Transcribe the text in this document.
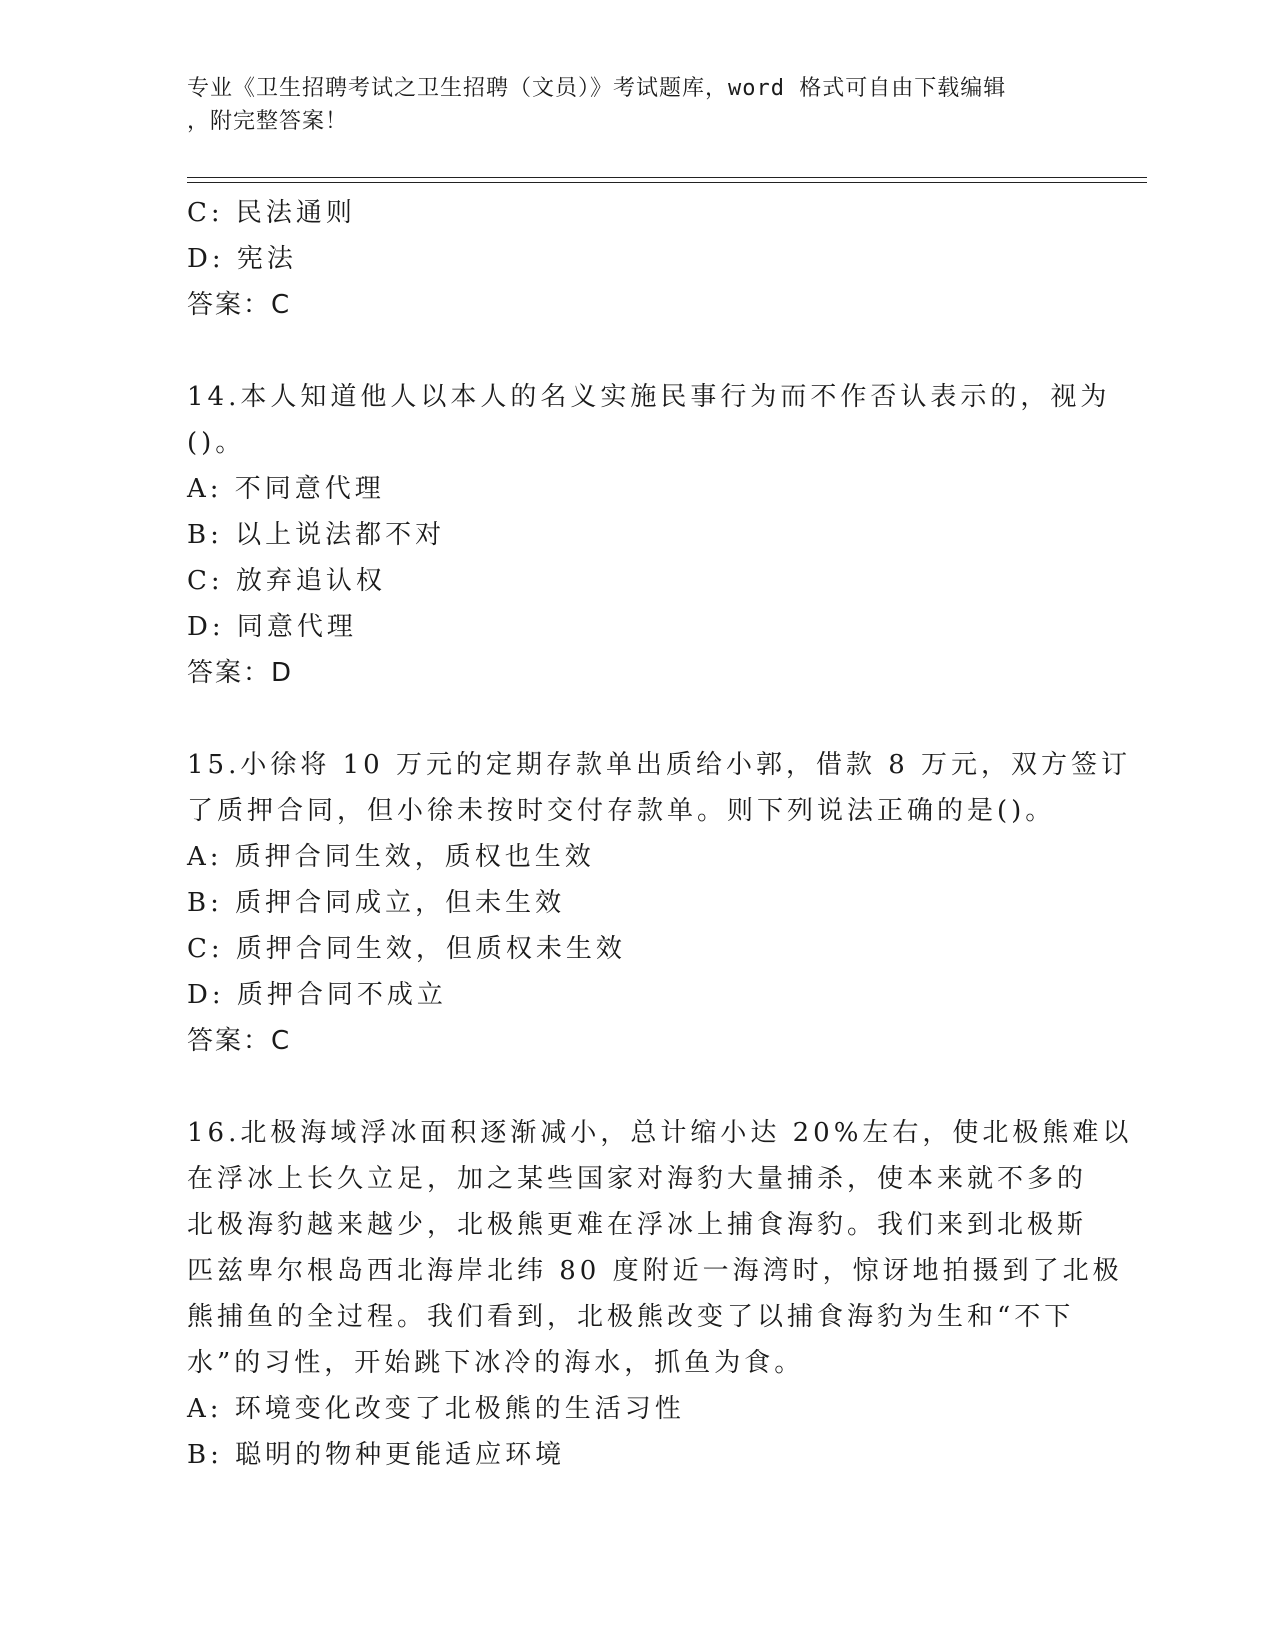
专业《卫生招聘考试之卫生招聘（文员）》考试题库，word 格式可自由下载编辑
，附完整答案！
C: 民法通则
D: 宪法
答案：C
14.本人知道他人以本人的名义实施民事行为而不作否认表示的，视为
()。
A: 不同意代理
B: 以上说法都不对
C: 放弃追认权
D: 同意代理
答案：D
15.小徐将 10 万元的定期存款单出质给小郭，借款 8 万元，双方签订
了质押合同，但小徐未按时交付存款单。则下列说法正确的是()。
A: 质押合同生效，质权也生效
B: 质押合同成立，但未生效
C: 质押合同生效，但质权未生效
D: 质押合同不成立
答案：C
16.北极海域浮冰面积逐渐减小，总计缩小达 20%左右，使北极熊难以
在浮冰上长久立足，加之某些国家对海豹大量捕杀，使本来就不多的
北极海豹越来越少，北极熊更难在浮冰上捕食海豹。我们来到北极斯
匹兹卑尔根岛西北海岸北纬 80 度附近一海湾时，惊讶地拍摄到了北极
熊捕鱼的全过程。我们看到，北极熊改变了以捕食海豹为生和“不下
水”的习性，开始跳下冰冷的海水，抓鱼为食。
A: 环境变化改变了北极熊的生活习性
B: 聪明的物种更能适应环境
